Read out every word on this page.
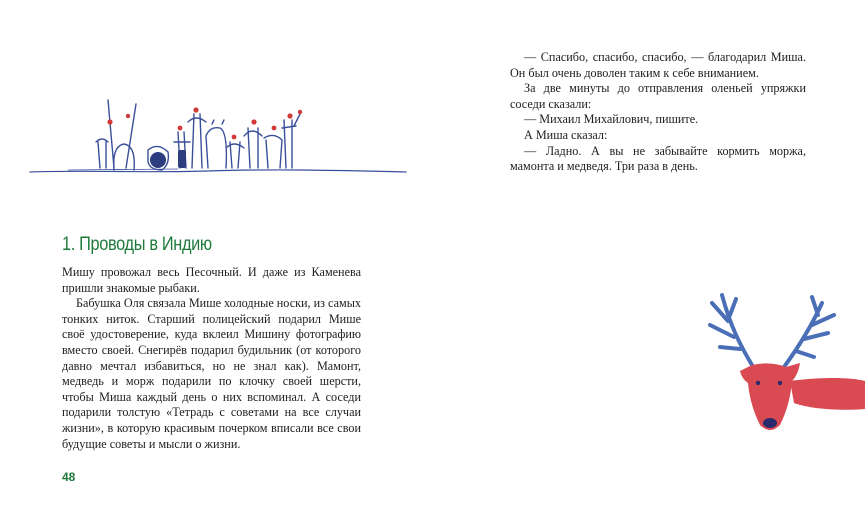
1. Проводы в Индию

Мишу провожал весь Песочный. И даже из Каменева пришли знакомые рыбаки.

Бабушка Оля связала Мише холодные носки, из самых тонких ниток. Старший полицейский подарил Мише своё удостоверение, куда вклеил Мишину фотографию вместо своей. Снегирёв подарил будильник (от которого давно мечтал избавиться, но не знал как). Мамонт, медведь и морж подарили по клочку своей шерсти, чтобы Миша каждый день о них вспоминал. А соседи подарили толстую «Тетрадь с советами на все случаи жизни», в которую красивым почерком вписали все свои будущие советы и мысли о жизни.

48

— Спасибо, спасибо, спасибо, — благодарил Миша. Он был очень доволен таким к себе вниманием.

За две минуты до отправления оленьей упряжки соседи сказали:

— Михаил Михайлович, пишите.

А Миша сказал:

— Ладно. А вы не забывайте кормить моржа, мамонта и медведя. Три раза в день.
